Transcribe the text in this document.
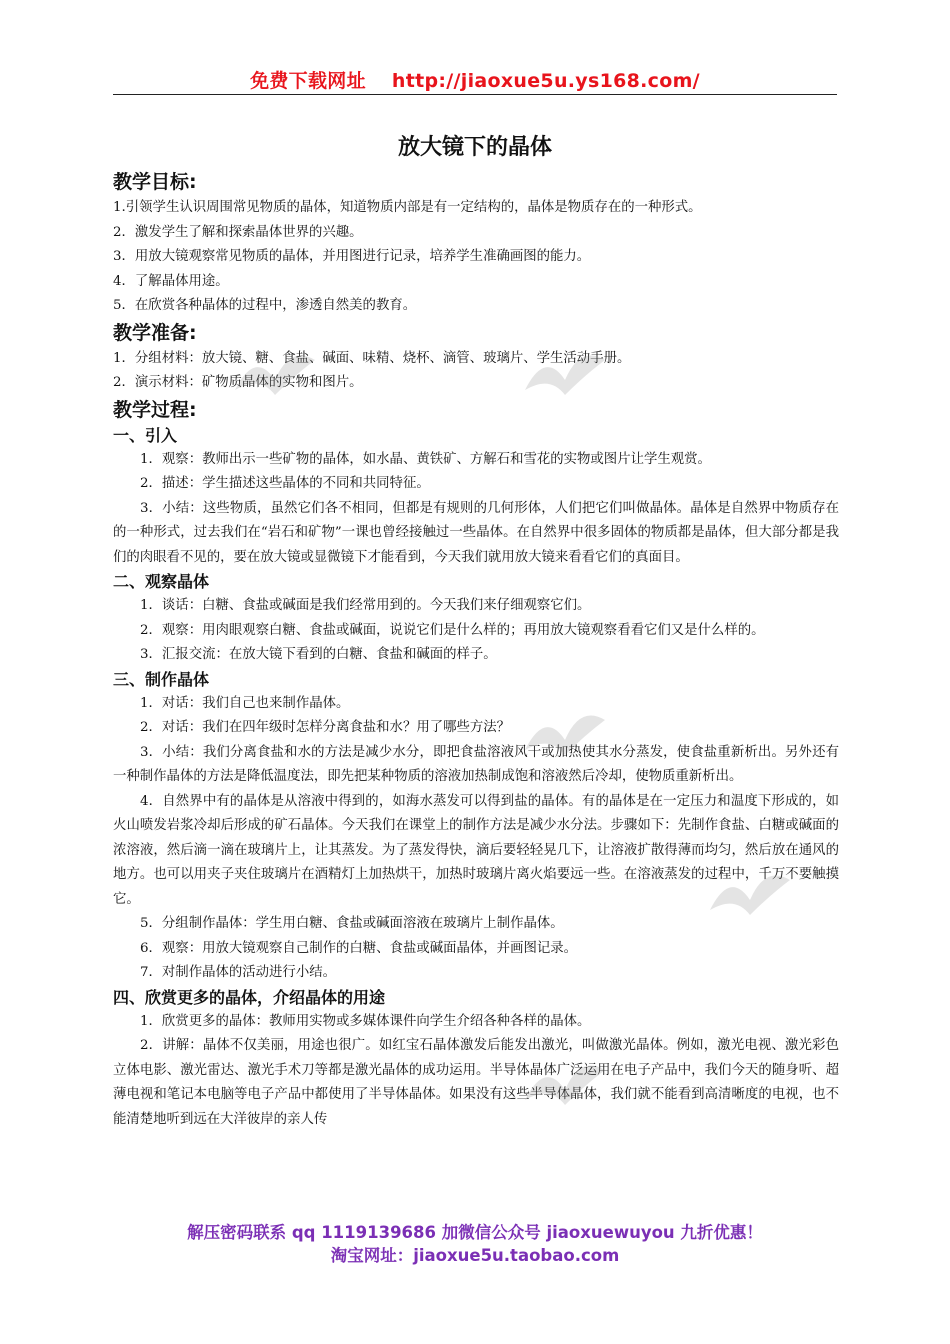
免费下载网址 http://jiaoxue5u.ys168.com/
放大镜下的晶体
教学目标:

1.引领学生认识周围常见物质的晶体，知道物质内部是有一定结构的，晶体是物质存在的一种形式。

2．激发学生了解和探索晶体世界的兴趣。

3．用放大镜观察常见物质的晶体，并用图进行记录，培养学生准确画图的能力。

4．了解晶体用途。

5．在欣赏各种晶体的过程中，渗透自然美的教育。

教学准备:

1．分组材料：放大镜、糖、食盐、碱面、味精、烧杯、滴管、玻璃片、学生活动手册。

2．演示材料：矿物质晶体的实物和图片。

教学过程:
一、引入

1．观察：教师出示一些矿物的晶体，如水晶、黄铁矿、方解石和雪花的实物或图片让学生观赏。

2．描述：学生描述这些晶体的不同和共同特征。

3．小结：这些物质，虽然它们各不相同，但都是有规则的几何形体，人们把它们叫做晶体。晶体是自然界中物质存在的一种形式，过去我们在“岩石和矿物”一课也曾经接触过一些晶体。在自然界中很多固体的物质都是晶体，但大部分都是我们的肉眼看不见的，要在放大镜或显微镜下才能看到，今天我们就用放大镜来看看它们的真面目。

二、观察晶体

1．谈话：白糖、食盐或碱面是我们经常用到的。今天我们来仔细观察它们。

2．观察：用肉眼观察白糖、食盐或碱面，说说它们是什么样的；再用放大镜观察看看它们又是什么样的。

3．汇报交流：在放大镜下看到的白糖、食盐和碱面的样子。

三、制作晶体

1．对话：我们自己也来制作晶体。

2．对话：我们在四年级时怎样分离食盐和水？用了哪些方法？

3．小结：我们分离食盐和水的方法是减少水分，即把食盐溶液风干或加热使其水分蒸发，使食盐重新析出。另外还有一种制作晶体的方法是降低温度法，即先把某种物质的溶液加热制成饱和溶液然后冷却，使物质重新析出。

4．自然界中有的晶体是从溶液中得到的，如海水蒸发可以得到盐的晶体。有的晶体是在一定压力和温度下形成的，如火山喷发岩浆冷却后形成的矿石晶体。今天我们在课堂上的制作方法是减少水分法。步骤如下：先制作食盐、白糖或碱面的浓溶液，然后滴一滴在玻璃片上，让其蒸发。为了蒸发得快，滴后要轻轻晃几下，让溶液扩散得薄而均匀，然后放在通风的地方。也可以用夹子夹住玻璃片在酒精灯上加热烘干，加热时玻璃片离火焰要远一些。在溶液蒸发的过程中，千万不要触摸它。

5．分组制作晶体：学生用白糖、食盐或碱面溶液在玻璃片上制作晶体。

6．观察：用放大镜观察自己制作的白糖、食盐或碱面晶体，并画图记录。

7．对制作晶体的活动进行小结。

四、欣赏更多的晶体，介绍晶体的用途

1．欣赏更多的晶体：教师用实物或多媒体课件向学生介绍各种各样的晶体。

2．讲解：晶体不仅美丽，用途也很广。如红宝石晶体激发后能发出激光，叫做激光晶体。例如，激光电视、激光彩色立体电影、激光雷达、激光手术刀等都是激光晶体的成功运用。半导体晶体广泛运用在电子产品中，我们今天的随身听、超薄电视和笔记本电脑等电子产品中都使用了半导体晶体。如果没有这些半导体晶体，我们就不能看到高清晰度的电视，也不能清楚地听到远在大洋彼岸的亲人传

解压密码联系 qq 1119139686 加微信公众号 jiaoxuewuyou 九折优惠！
淘宝网址：jiaoxue5u.taobao.com
